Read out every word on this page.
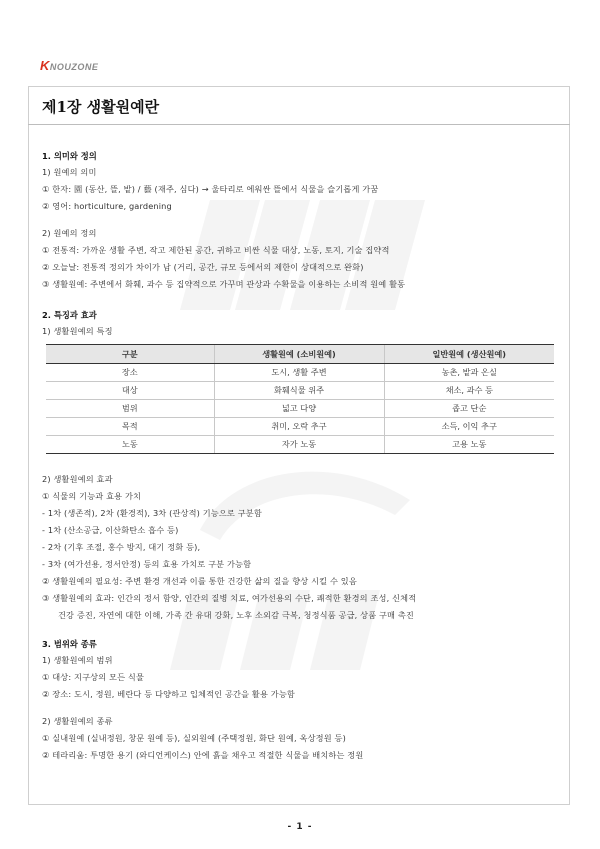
KNOUZONE
제1장 생활원예란
1. 의미와 정의
1) 원예의 의미
① 한자: 園 (동산, 뜰, 밭) / 藝 (재주, 심다) → 울타리로 에워싼 뜰에서 식물을 슬기롭게 가꿈
② 영어: horticulture, gardening
2) 원예의 정의
① 전통적: 가까운 생활 주변, 작고 제한된 공간, 귀하고 비싼 식물 대상, 노동, 토지, 기술 집약적
② 오늘날: 전통적 정의가 차이가 남 (거리, 공간, 규모 등에서의 제한이 상대적으로 완화)
③ 생활원예: 주변에서 화훼, 과수 등 집약적으로 가꾸며 관상과 수확물을 이용하는 소비적 원예 활동
2. 특징과 효과
1) 생활원예의 특징
구분	생활원예 (소비원예)	일반원예 (생산원예)
장소	도시, 생활 주변	농촌, 밭과 온실
대상	화훼식물 위주	채소, 과수 등
범위	넓고 다양	좁고 단순
목적	취미, 오락 추구	소득, 이익 추구
노동	자가 노동	고용 노동
2) 생활원예의 효과
① 식물의 기능과 효용 가치
- 1차 (생존적), 2차 (환경적), 3차 (관상적) 기능으로 구분함
- 1차 (산소공급, 이산화탄소 흡수 등)
- 2차 (기후 조절, 홍수 방지, 대기 정화 등),
- 3차 (여가선용, 정서안정) 등의 효용 가치로 구분 가능함
② 생활원예의 필요성: 주변 환경 개선과 이를 통한 건강한 삶의 질을 향상 시킬 수 있음
③ 생활원예의 효과: 인간의 정서 함양, 인간의 질병 치료, 여가선용의 수단, 쾌적한 환경의 조성, 신체적
건강 증진, 자연에 대한 이해, 가족 간 유대 강화, 노후 소외감 극복, 청정식품 공급, 상품 구매 촉진
3. 범위와 종류
1) 생활원예의 범위
① 대상: 지구상의 모든 식물
② 장소: 도시, 정원, 베란다 등 다양하고 입체적인 공간을 활용 가능함
2) 생활원예의 종류
① 실내원예 (실내정원, 창문 원예 등), 실외원예 (주택정원, 화단 원예, 옥상정원 등)
② 테라리움: 투명한 용기 (와디언케이스) 안에 흙을 채우고 적절한 식물을 배치하는 정원
- 1 -
